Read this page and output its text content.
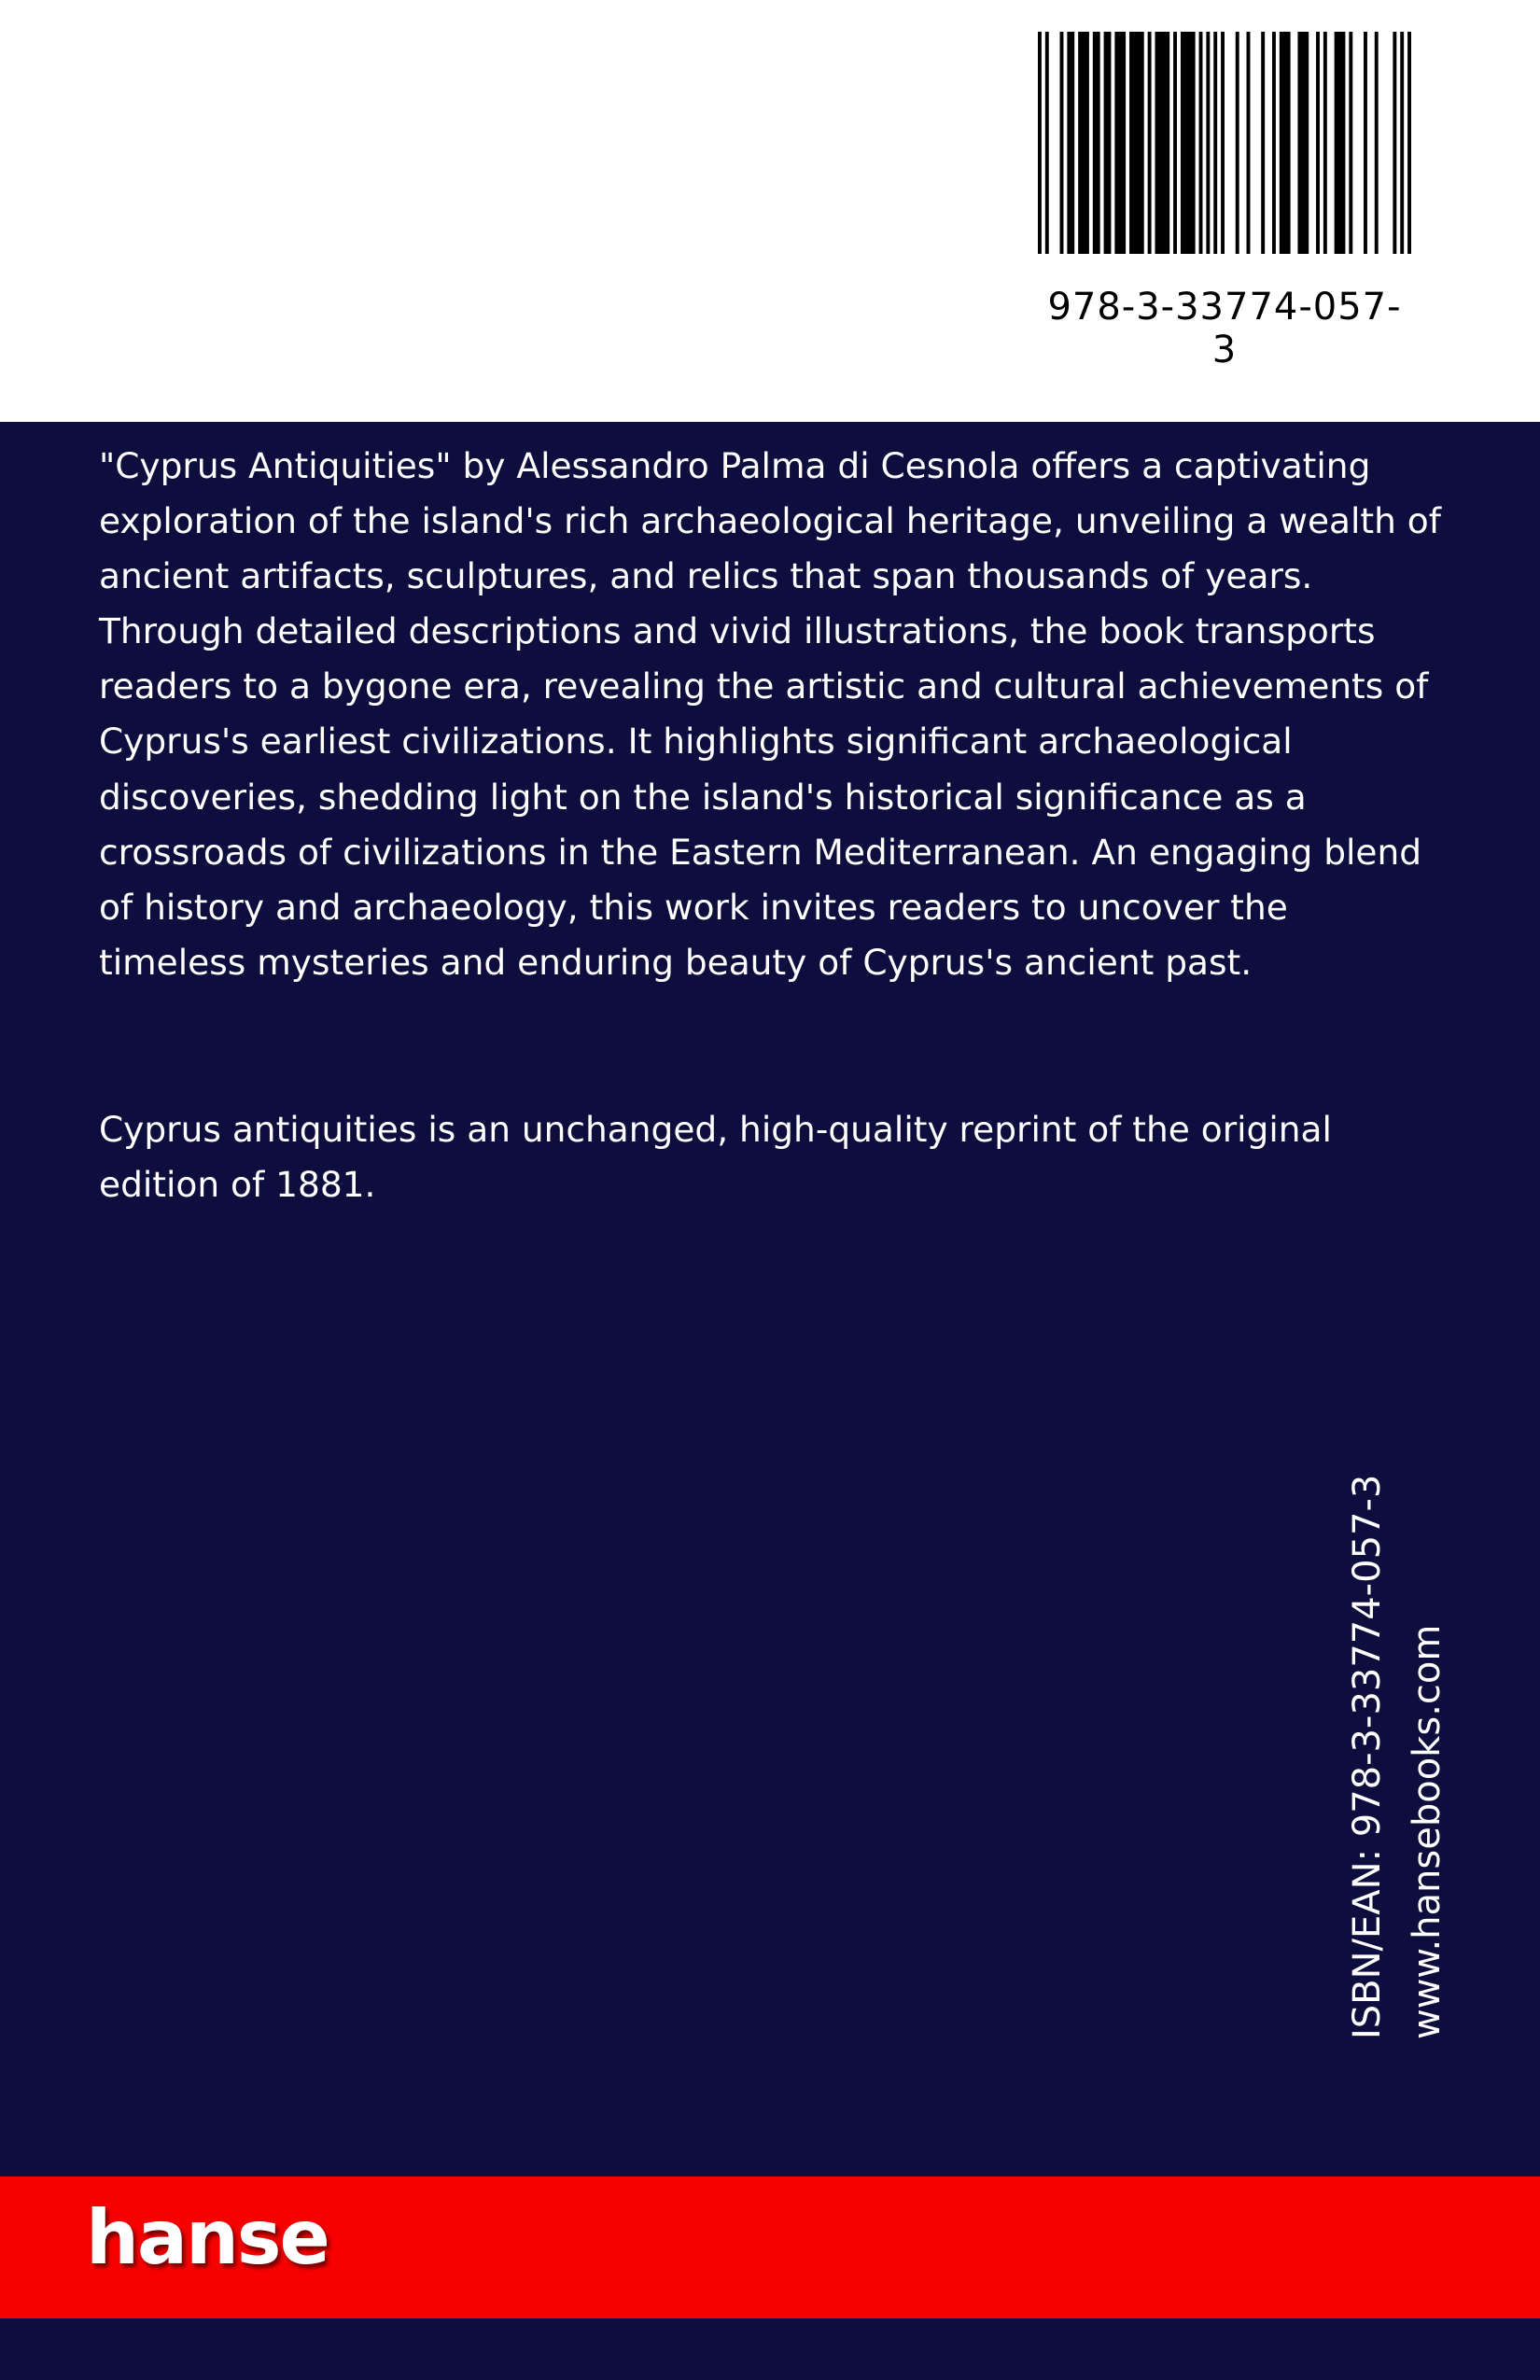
978-3-33774-057-3

"Cyprus Antiquities" by Alessandro Palma di Cesnola offers a captivating exploration of the island's rich archaeological heritage, unveiling a wealth of ancient artifacts, sculptures, and relics that span thousands of years. Through detailed descriptions and vivid illustrations, the book transports readers to a bygone era, revealing the artistic and cultural achievements of Cyprus's earliest civilizations. It highlights significant archaeological discoveries, shedding light on the island's historical significance as a crossroads of civilizations in the Eastern Mediterranean. An engaging blend of history and archaeology, this work invites readers to uncover the timeless mysteries and enduring beauty of Cyprus's ancient past.

Cyprus antiquities is an unchanged, high-quality reprint of the original edition of 1881.

ISBN/EAN: 978-3-33774-057-3 www.hansebooks.com
hanse
